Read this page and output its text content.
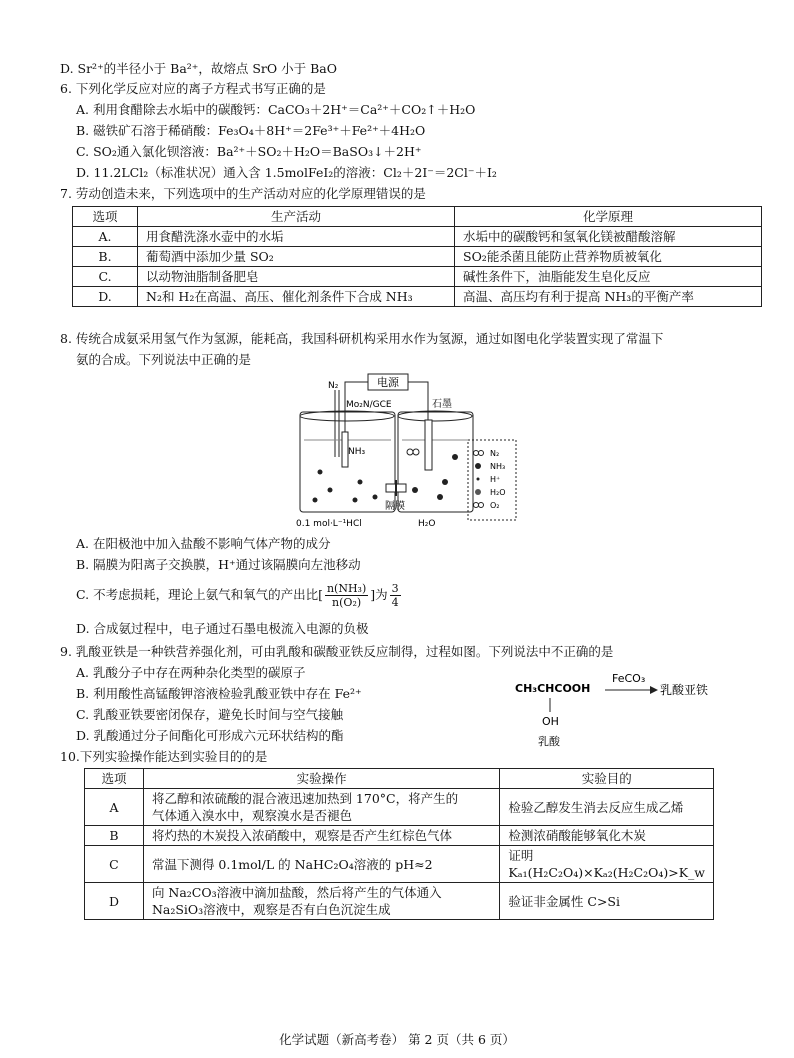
D. Sr²⁺的半径小于 Ba²⁺，故熔点 SrO 小于 BaO
6. 下列化学反应对应的离子方程式书写正确的是
A. 利用食醋除去水垢中的碳酸钙：CaCO₃＋2H⁺＝Ca²⁺＋CO₂↑＋H₂O
B. 磁铁矿石溶于稀硝酸：Fe₃O₄＋8H⁺＝2Fe³⁺＋Fe²⁺＋4H₂O
C. SO₂通入氯化钡溶液：Ba²⁺＋SO₂＋H₂O＝BaSO₃↓＋2H⁺
D. 11.2LCl₂（标准状况）通入含 1.5molFeI₂的溶液：Cl₂＋2I⁻＝2Cl⁻＋I₂
7. 劳动创造未来，下列选项中的生产活动对应的化学原理错误的是
选项	生产活动	化学原理
A.	用食醋洗涤水壶中的水垢	水垢中的碳酸钙和氢氧化镁被醋酸溶解
B.	葡萄酒中添加少量 SO₂	SO₂能杀菌且能防止营养物质被氧化
C.	以动物油脂制备肥皂	碱性条件下，油脂能发生皂化反应
D.	N₂和 H₂在高温、高压、催化剂条件下合成 NH₃	高温、高压均有利于提高 NH₃的平衡产率
8. 传统合成氨采用氢气作为氢源，能耗高，我国科研机构采用水作为氢源，通过如图电化学装置实现了常温下
氨的合成。下列说法中正确的是
电源
N₂
Mo₂N/GCE	石墨
NH₃
隔膜
N₂
NH₃
H⁺
H₂O
O₂
0.1 mol·L⁻¹HCl	H₂O
A. 在阳极池中加入盐酸不影响气体产物的成分
B. 隔膜为阳离子交换膜，H⁺通过该隔膜向左池移动
C. 不考虑损耗，理论上氨气和氧气的产出比[ $\frac{\text{n(NH₃)}}{\text{n(O₂)}}$ ]为 $\frac{3}{4}$
D. 合成氨过程中，电子通过石墨电极流入电源的负极
9. 乳酸亚铁是一种铁营养强化剂，可由乳酸和碳酸亚铁反应制得，过程如图。下列说法中不正确的是
A. 乳酸分子中存在两种杂化类型的碳原子
B. 利用酸性高锰酸钾溶液检验乳酸亚铁中存在 Fe²⁺
C. 乳酸亚铁要密闭保存，避免长时间与空气接触
D. 乳酸通过分子间酯化可形成六元环状结构的酯
CH₃CHCOOH
FeCO₃
乳酸亚铁
OH
乳酸
10.下列实验操作能达到实验目的的是
选项	实验操作	实验目的
A	将乙醇和浓硫酸的混合液迅速加热到 170°C，将产生的
气体通入溴水中，观察溴水是否褪色	检验乙醇发生消去反应生成乙烯
B	将灼热的木炭投入浓硝酸中，观察是否产生红棕色气体	检测浓硝酸能够氧化木炭
C	常温下测得 0.1mol/L 的 NaHC₂O₄溶液的 pH≈2	证明 Kₐ₁(H₂C₂O₄)×Kₐ₂(H₂C₂O₄)>K_w
D	向 Na₂CO₃溶液中滴加盐酸，然后将产生的气体通入
Na₂SiO₃溶液中，观察是否有白色沉淀生成	验证非金属性 C>Si
化学试题（新高考卷） 第 2 页（共 6 页）
